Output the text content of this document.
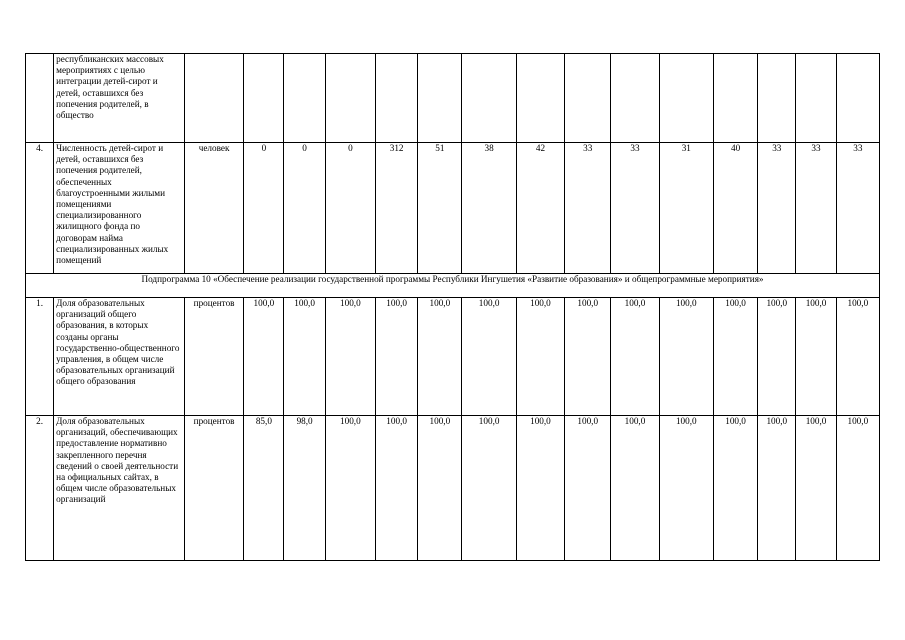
	республиканских массовых мероприятиях с целью интеграции детей-сирот и детей, оставшихся без попечения родителей, в общество															
4.	Численность детей-сирот и детей, оставшихся без попечения родителей, обеспеченных благоустроенными жилыми помещениями специализированного жилищного фонда по договорам найма специализированных жилых помещений	человек	0	0	0	312	51	38	42	33	33	31	40	33	33	33
Подпрограмма 10 «Обеспечение реализации государственной программы Республики Ингушетия «Развитие образования» и общепрограммные мероприятия»																
1.	Доля образовательных организаций общего образования, в которых созданы органы государственно-общественного управления, в общем числе образовательных организаций общего образования	процентов	100,0	100,0	100,0	100,0	100,0	100,0	100,0	100,0	100,0	100,0	100,0	100,0	100,0	100,0
2.	Доля образовательных организаций, обеспечивающих предоставление нормативно закрепленного перечня сведений о своей деятельности на официальных сайтах, в общем числе образовательных организаций	процентов	85,0	98,0	100,0	100,0	100,0	100,0	100,0	100,0	100,0	100,0	100,0	100,0	100,0	100,0
